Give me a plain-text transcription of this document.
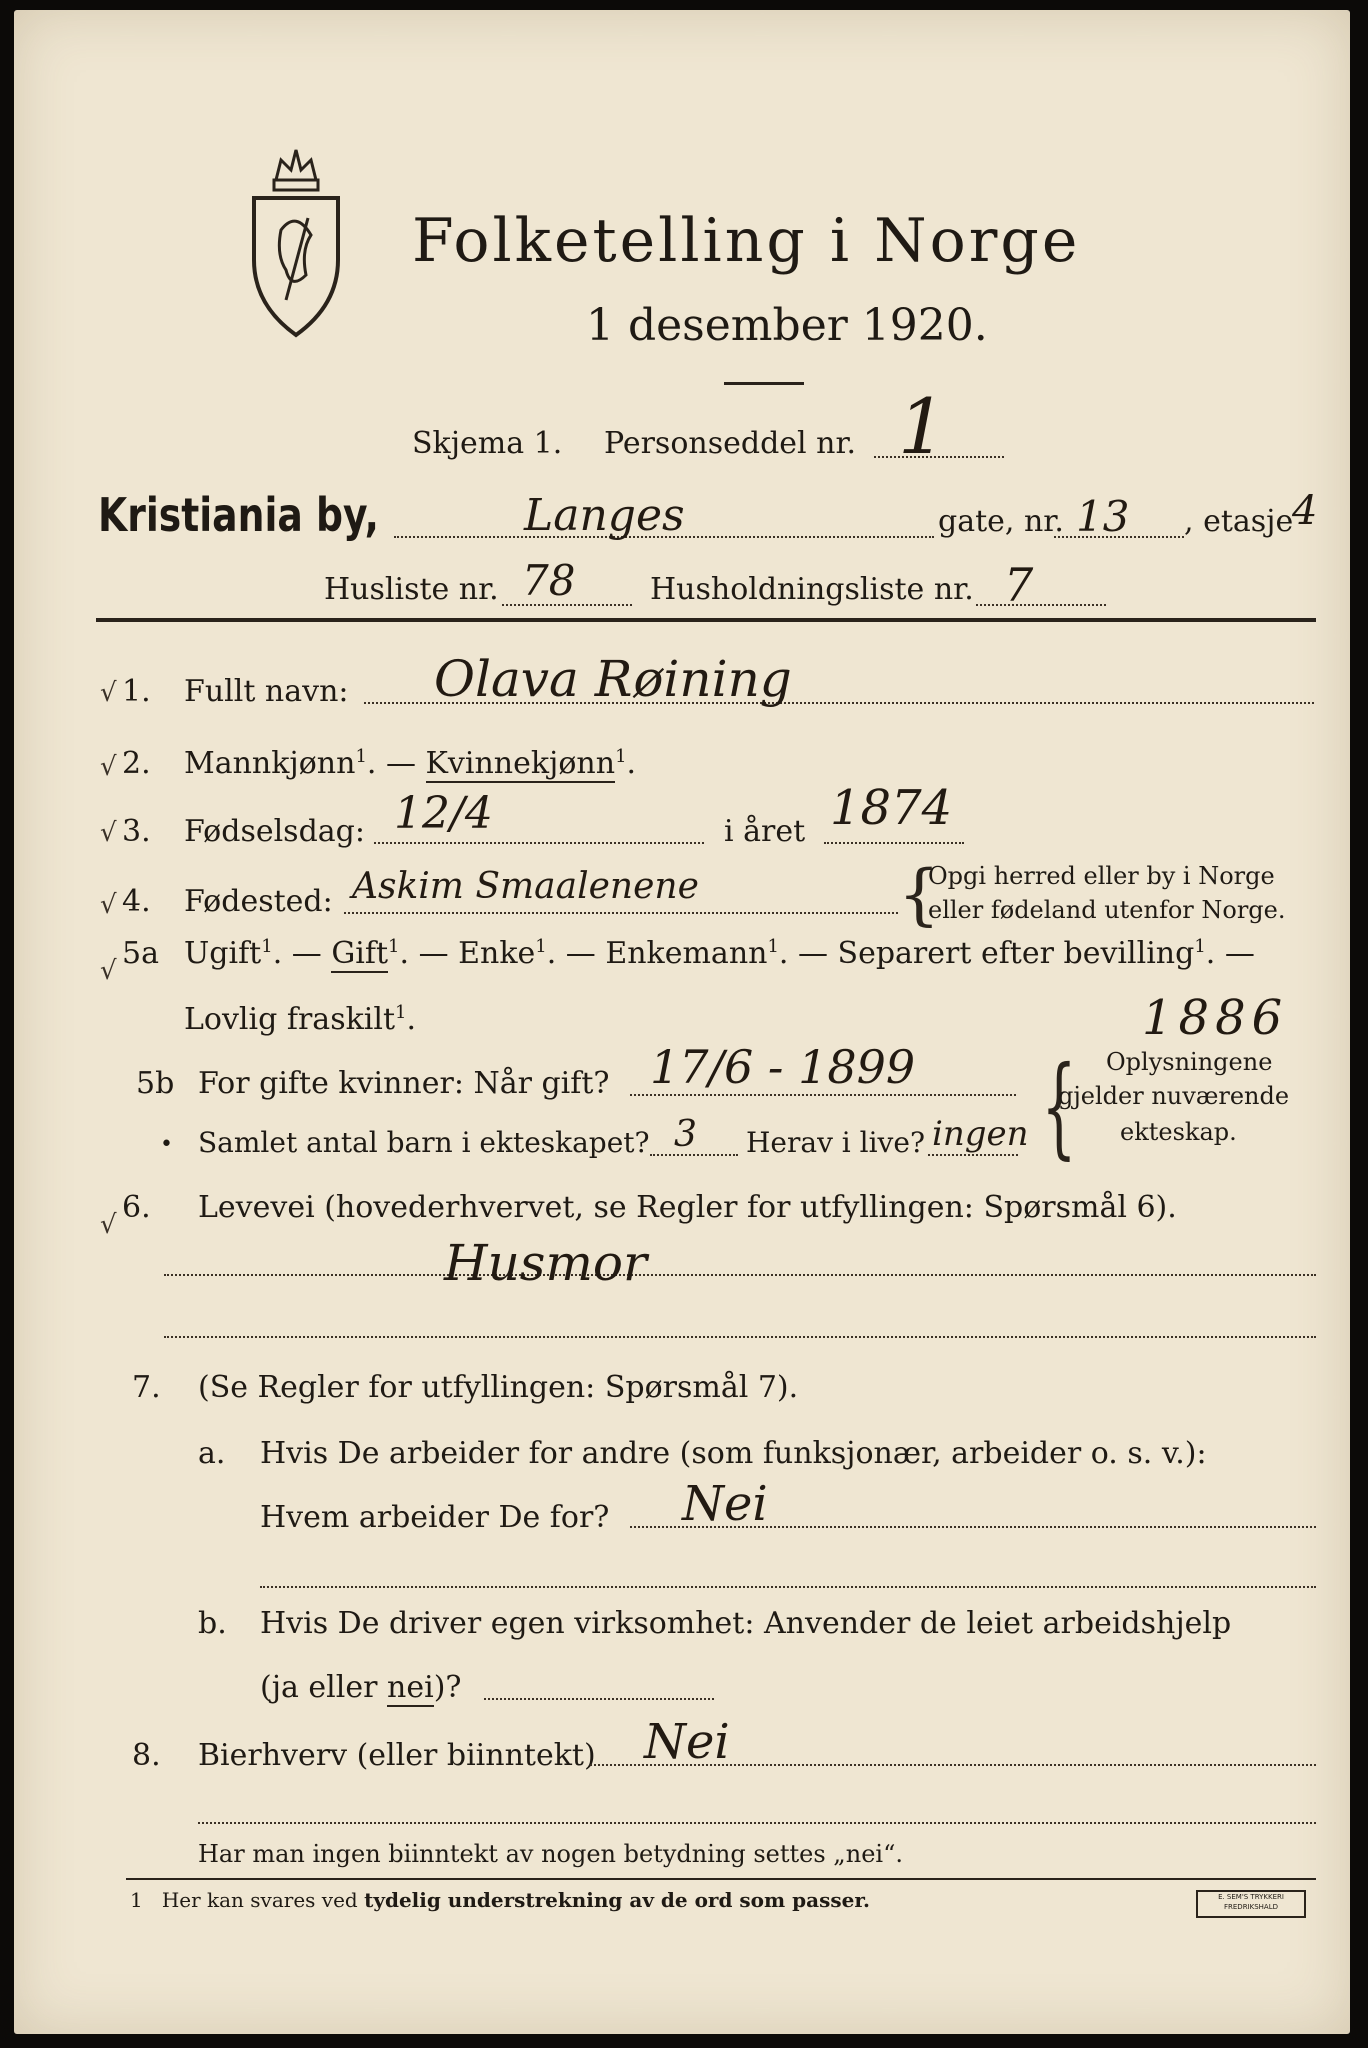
Folketelling i Norge
1 desember 1920.
Skjema 1. Personseddel nr. 1
Kristiania by,	Langes	gate, nr. 13 , etasje
4
Husliste nr. 78 Husholdningsliste nr. 7
√ 1. Fullt navn: Olava Røining
√ 2. Mannkjønn$^1$. — Kvinnekjønn$^1$.
√ 3. Fødselsdag: 12/4	i året 1874
√ 4. Fødested: Askim Smaalenene	{
Opgi herred eller by i Norge
eller fødeland utenfor Norge.
√ 5a Ugift$^1$. — Gift$^1$. — Enke$^1$. — Enkemann$^1$. — Separert efter bevilling$^1$. —
Lovlig fraskilt$^1$.	1886
5b For gifte kvinner: Når gift? 17/6 - 1899
• Samlet antal barn i ekteskapet? 3 Herav i live? ingen { Oplysningene
gjelder nuværende
ekteskap.
√ 6. Levevei (hovederhvervet, se Regler for utfyllingen: Spørsmål 6).
Husmor
7. (Se Regler for utfyllingen: Spørsmål 7).
a. Hvis De arbeider for andre (som funksjonær, arbeider o. s. v.):
Hvem arbeider De for? Nei
b. Hvis De driver egen virksomhet: Anvender de leiet arbeidshjelp
(ja eller nei)?
8. Bierhverv (eller biinntekt) Nei
Har man ingen biinntekt av nogen betydning settes „nei“.
1 Her kan svares ved tydelig understrekning av de ord som passer.	E. SEM'S TRYKKERI
FREDRIKSHALD
